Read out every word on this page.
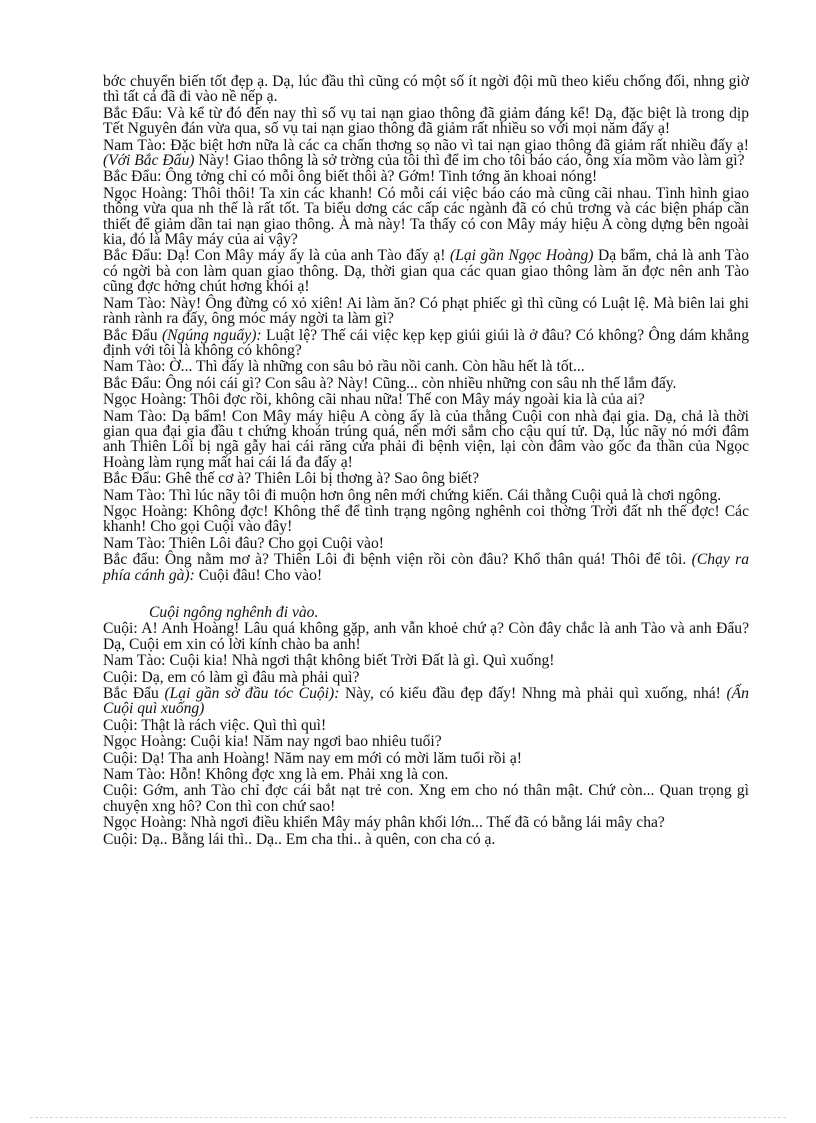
bớc chuyển biến tốt đẹp ạ. Dạ, lúc đầu thì cũng có một số ít ngời đội mũ theo kiểu chống đối, nhng giờ thì tất cả đã đi vào nề nếp ạ.

Bắc Đẩu: Và kể từ đó đến nay thì số vụ tai nạn giao thông đã giảm đáng kể! Dạ, đặc biệt là trong dịp Tết Nguyên đán vừa qua, số vụ tai nạn giao thông đã giảm rất nhiều so với mọi năm đấy ạ!

Nam Tào: Đặc biệt hơn nữa là các ca chấn thơng sọ não vì tai nạn giao thông đã giảm rất nhiều đấy ạ! (Với Bắc Đẩu) Này! Giao thông là sở trờng của tôi thì để im cho tôi báo cáo, ông xía mồm vào làm gì?

Bắc Đẩu: Ông tởng chỉ có mỗi ông biết thôi à? Gớm! Tinh tớng ăn khoai nóng!

Ngọc Hoàng: Thôi thôi! Ta xin các khanh! Có mỗi cái việc báo cáo mà cũng cãi nhau. Tình hình giao thông vừa qua nh thế là rất tốt. Ta biểu dơng các cấp các ngành đã có chủ trơng và các biện pháp cần thiết để giảm dần tai nạn giao thông. À mà này! Ta thấy có con Mây máy hiệu A còng dựng bên ngoài kia, đó là Mây máy của ai vậy?

Bắc Đẩu: Dạ! Con Mây máy ấy là của anh Tào đấy ạ! (Lại gần Ngọc Hoàng) Dạ bẩm, chả là anh Tào có ngời bà con làm quan giao thông. Dạ, thời gian qua các quan giao thông làm ăn đợc nên anh Tào cũng đợc hởng chút hơng khói ạ!

Nam Tào: Này! Ông đừng có xỏ xiên! Ai làm ăn? Có phạt phiếc gì thì cũng có Luật lệ. Mà biên lai ghi rành rành ra đấy, ông móc máy ngời ta làm gì?

Bắc Đẩu (Ngúng nguẩy): Luật lệ? Thế cái việc kẹp kẹp giúi giúi là ở đâu? Có không? Ông dám khẳng định với tôi là không có không?

Nam Tào: Ờ... Thì đấy là những con sâu bỏ rầu nồi canh. Còn hầu hết là tốt...

Bắc Đẩu: Ông nói cái gì? Con sâu à? Này! Cũng... còn nhiều những con sâu nh thế lắm đấy.

Ngọc Hoàng: Thôi đợc rồi, không cãi nhau nữa! Thế con Mây máy ngoài kia là của ai?

Nam Tào: Dạ bẩm! Con Mây máy hiệu A còng ấy là của thằng Cuội con nhà đại gia. Dạ, chả là thời gian qua đại gia đầu t chứng khoán trúng quá, nên mới sắm cho cậu quí tử. Dạ, lúc nãy nó mới đâm anh Thiên Lôi bị ngã gẫy hai cái răng cửa phải đi bệnh viện, lại còn đâm vào gốc đa thần của Ngọc Hoàng làm rụng mất hai cái lá đa đấy ạ!

Bắc Đẩu: Ghê thế cơ à? Thiên Lôi bị thơng à? Sao ông biết?

Nam Tào: Thì lúc nãy tôi đi muộn hơn ông nên mới chứng kiến. Cái thằng Cuội quả là chơi ngông.

Ngọc Hoàng: Không đợc! Không thể để tình trạng ngông nghênh coi thờng Trời đất nh thế đợc! Các khanh! Cho gọi Cuội vào đây!

Nam Tào: Thiên Lôi đâu? Cho gọi Cuội vào!

Bắc đẩu: Ông nằm mơ à? Thiên Lôi đi bệnh viện rồi còn đâu? Khổ thân quá! Thôi để tôi. (Chạy ra phía cánh gà): Cuội đâu! Cho vào!

Cuội ngông nghênh đi vào.

Cuội: A! Anh Hoàng! Lâu quá không gặp, anh vẫn khoẻ chứ ạ? Còn đây chắc là anh Tào và anh Đẩu? Dạ, Cuội em xin có lời kính chào ba anh!

Nam Tào: Cuội kia! Nhà ngơi thật không biết Trời Đất là gì. Quì xuống!

Cuội: Dạ, em có làm gì đâu mà phải quì?

Bắc Đẩu (Lại gần sờ đầu tóc Cuội): Này, có kiểu đầu đẹp đấy! Nhng mà phải quì xuống, nhá! (Ấn Cuội quì xuống)

Cuội: Thật là rách việc. Quì thì quì!

Ngọc Hoàng: Cuội kia! Năm nay ngơi bao nhiêu tuổi?

Cuội: Dạ! Tha anh Hoàng! Năm nay em mới có mời lăm tuổi rồi ạ!

Nam Tào: Hỗn! Không đợc xng là em. Phải xng là con.

Cuội: Gớm, anh Tào chỉ đợc cái bắt nạt trẻ con. Xng em cho nó thân mật. Chứ còn... Quan trọng gì chuyện xng hô? Con thì con chứ sao!

Ngọc Hoàng: Nhà ngơi điều khiển Mây máy phân khối lớn... Thế đã có bằng lái mây cha?

Cuội: Dạ.. Bằng lái thì.. Dạ.. Em cha thi.. à quên, con cha có ạ.
